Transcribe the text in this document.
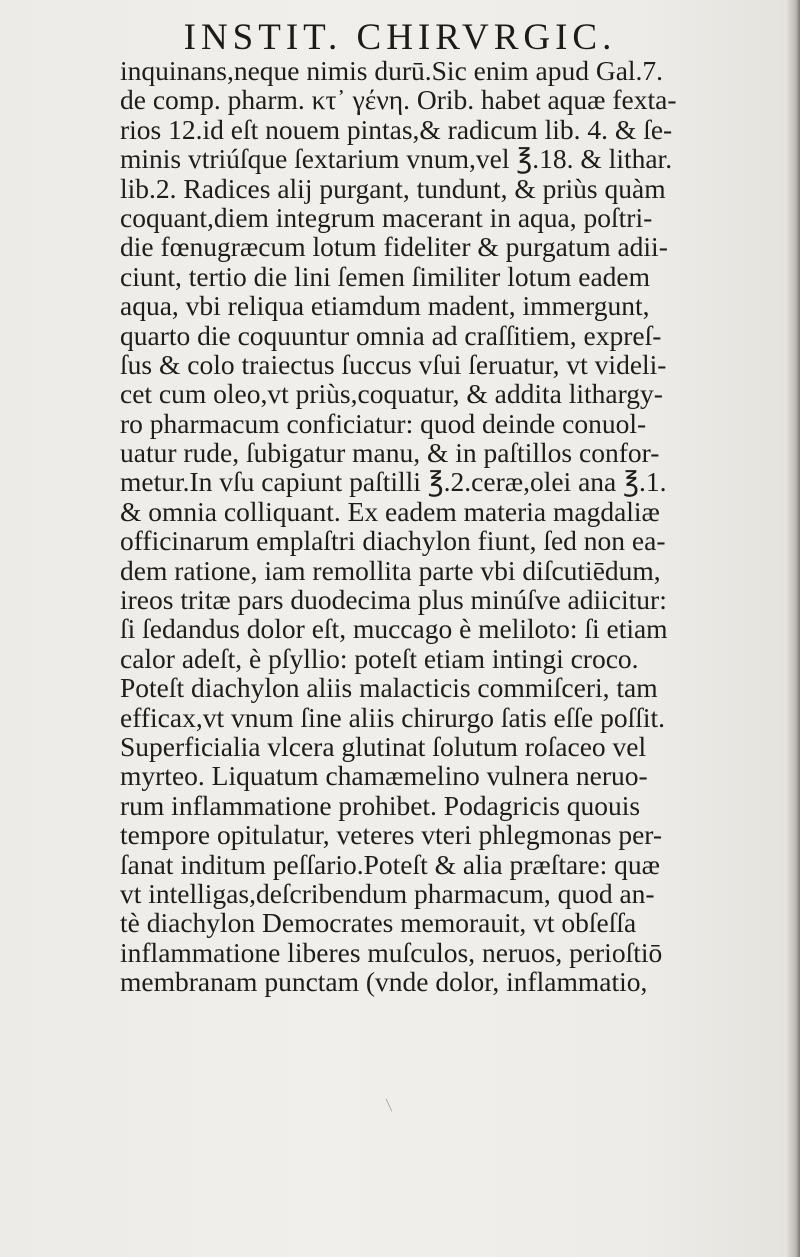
INSTIT. CHIRVRGIC.
inquinans,neque nimis durū.Sic enim apud Gal.7.
de comp. pharm. κτ᾽ γένη. Orib. habet aquæ fexta-
rios 12.id eſt nouem pintas,& radicum lib. 4. & ſe-
minis vtriúſque ſextarium vnum,vel ℥.18. & lithar.
lib.2. Radices alij purgant, tundunt, & priùs quàm
coquant,diem integrum macerant in aqua, poſtri-
die fœnugræcum lotum fideliter & purgatum adii-
ciunt, tertio die lini ſemen ſimiliter lotum eadem
aqua, vbi reliqua etiamdum madent, immergunt,
quarto die coquuntur omnia ad craſſitiem, expreſ-
ſus & colo traiectus ſuccus vſui ſeruatur, vt videli-
cet cum oleo,vt priùs,coquatur, & addita lithargy-
ro pharmacum conficiatur: quod deinde conuol-
uatur rude, ſubigatur manu, & in paſtillos confor-
metur.In vſu capiunt paſtilli ℥.2.ceræ,olei ana ℥.1.
& omnia colliquant. Ex eadem materia magdaliæ
officinarum emplaſtri diachylon fiunt, ſed non ea-
dem ratione, iam remollita parte vbi diſcutiēdum,
ireos tritæ pars duodecima plus minúſve adiicitur:
ſi ſedandus dolor eſt, muccago è meliloto: ſi etiam
calor adeſt, è pſyllio: poteſt etiam intingi croco.
Poteſt diachylon aliis malacticis commiſceri, tam
efficax,vt vnum ſine aliis chirurgo ſatis eſſe poſſit.
Superficialia vlcera glutinat ſolutum roſaceo vel
myrteo. Liquatum chamæmelino vulnera neruo-
rum inflammatione prohibet. Podagricis quouis
tempore opitulatur, veteres vteri phlegmonas per-
ſanat inditum peſſario.Poteſt & alia præſtare: quæ
vt intelligas,deſcribendum pharmacum, quod an-
tè diachylon Democrates memorauit, vt obſeſſa
inflammatione liberes muſculos, neruos, perioſtiō
membranam punctam (vnde dolor, inflammatio,
